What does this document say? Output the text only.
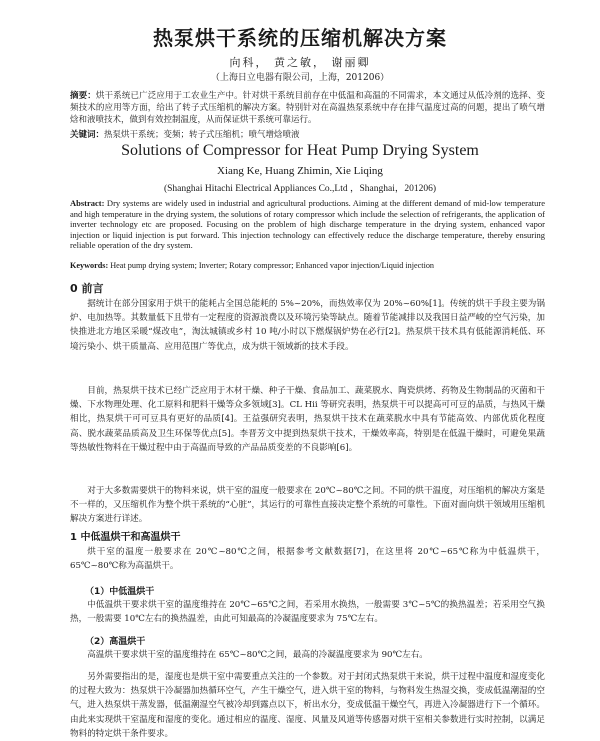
热泵烘干系统的压缩机解决方案
向科， 黄之敏， 谢丽卿
（上海日立电器有限公司，上海，201206）
摘要：烘干系统已广泛应用于工农业生产中。针对烘干系统目前存在中低温和高温的不同需求，本文通过从低冷剂的选择、变频技术的应用等方面，给出了转子式压缩机的解决方案。特别针对在高温热泵系统中存在排气温度过高的问题，提出了喷气增焓和液喷技术，做到有效控制温度，从而保证烘干系统可靠运行。
关键词：热泵烘干系统；变频；转子式压缩机；喷气增焓喷液
Solutions of Compressor for Heat Pump Drying System
Xiang Ke, Huang Zhimin, Xie Liqing
(Shanghai Hitachi Electrical Appliances Co.,Ltd ，Shanghai，201206)
Abstract: Dry systems are widely used in industrial and agricultural productions. Aiming at the different demand of mid-low temperature and high temperature in the drying system, the solutions of rotary compressor which include the selection of refrigerants, the application of inverter technology etc are proposed. Focusing on the problem of high discharge temperature in the drying system, enhanced vapor injection or liquid injection is put forward. This injection technology can effectively reduce the discharge temperature, thereby ensuring reliable operation of the dry system.
Keywords: Heat pump drying system; Inverter; Rotary compressor; Enhanced vapor injection/Liquid injection
0 前言
据统计在部分国家用于烘干的能耗占全国总能耗的 5%~20%，而热效率仅为 20%~60%[1]。传统的烘干手段主要为锅炉、电加热等。其数量低下且带有一定程度的资源浪费以及环境污染等缺点。随着节能减排以及我国日益严峻的空气污染，加快推进北方地区采暖“煤改电”，淘汰城镇或乡村 10 吨/小时以下燃煤锅炉势在必行[2]。热泵烘干技术具有低能源消耗低、环境污染小、烘干质量高、应用范围广等优点，成为烘干领域新的技术手段。
目前，热泵烘干技术已经广泛应用于木材干燥、种子干燥、食品加工、蔬菜脱水、陶瓷烘烤、药物及生物制品的灭菌和干燥、下水物理处理、化工原料和肥料干燥等众多领域[3]。CL Hii 等研究表明，热泵烘干可以提高可可豆的品质，与热风干燥相比，热泵烘干可可豆具有更好的品质[4]。王益强研究表明，热泵烘干技术在蔬菜脱水中具有节能高效、内部优质化程度高、脱水蔬菜品质高及卫生环保等优点[5]。李晋芳文中提到热泵烘干技术，干燥效率高，特别是在低温干燥时，可避免果蔬等热敏性物料在干燥过程中由于高温而导致的产品品质变差的不良影响[6]。
对于大多数需要烘干的物料来说，烘干室的温度一般要求在 20℃~80℃之间。不同的烘干温度，对压缩机的解决方案是不一样的，又压缩机作为整个烘干系统的“心脏”，其运行的可靠性直接决定整个系统的可靠性。下面对面向烘干领域用压缩机解决方案进行详述。
1 中低温烘干和高温烘干
烘干室的温度一般要求在 20℃~80℃之间，根据参考文献数据[7]，在这里将 20℃~65℃称为中低温烘干，65℃~80℃称为高温烘干。
（1）中低温烘干
中低温烘干要求烘干室的温度维持在 20℃~65℃之间，若采用水换热，一般需要 3℃~5℃的换热温差；若采用空气换热，一般需要 10℃左右的换热温差，由此可知最高的冷凝温度要求为 75℃左右。
（2）高温烘干
高温烘干要求烘干室的温度维持在 65℃~80℃之间，最高的冷凝温度要求为 90℃左右。
另外需要指出的是，湿度也是烘干室中需要重点关注的一个参数。对于封闭式热泵烘干来说，烘干过程中温度和湿度变化的过程大致为：热泵烘干冷凝器加热循环空气，产生干燥空气，进入烘干室的物料，与物料发生热湿交换，变成低温潮湿的空气，进入热泵烘干蒸发器，低温潮湿空气被冷却到露点以下，析出水分，变成低温干燥空气，再进入冷凝器进行下一个循环。由此来实现烘干室温度和湿度的变化。通过相应的温度、湿度、风量及风道等传感器对烘干室相关参数进行实时控制，以满足物料的特定烘干条件要求。
